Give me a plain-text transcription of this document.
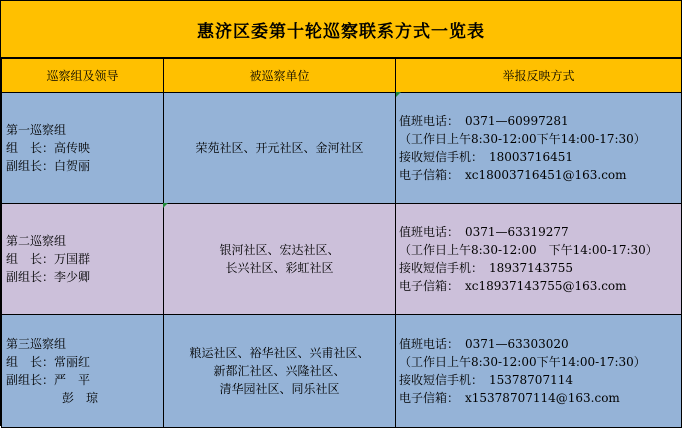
惠济区委第十轮巡察联系方式一览表
巡察组及领导	被巡察单位	举报反映方式

第一巡察组
组　长：高传映
副组长：白贺丽	荣苑社区、开元社区、金河社区	值班电话：　0371—60997281
（工作日上午8:30-12:00下午14:00-17:30）
接收短信手机：　18003716451
电子信箱：　xc18003716451@163.com

第二巡察组
组　长：万国群
副组长：李少卿	银河社区、宏达社区、
长兴社区、彩虹社区	值班电话：　0371—63319277
（工作日上午8:30-12:00　下午14:00-17:30）
接收短信手机：　18937143755
电子信箱：　xc18937143755@163.com

第三巡察组
组　长：常丽红
副组长：严　平
彭　琼	粮运社区、裕华社区、兴甫社区、
新都汇社区、兴隆社区、
清华园社区、同乐社区	值班电话：　0371—63303020
（工作日上午8:30-12:00下午14:00-17:30）
接收短信手机：　15378707114
电子信箱：　x15378707114@163.com
